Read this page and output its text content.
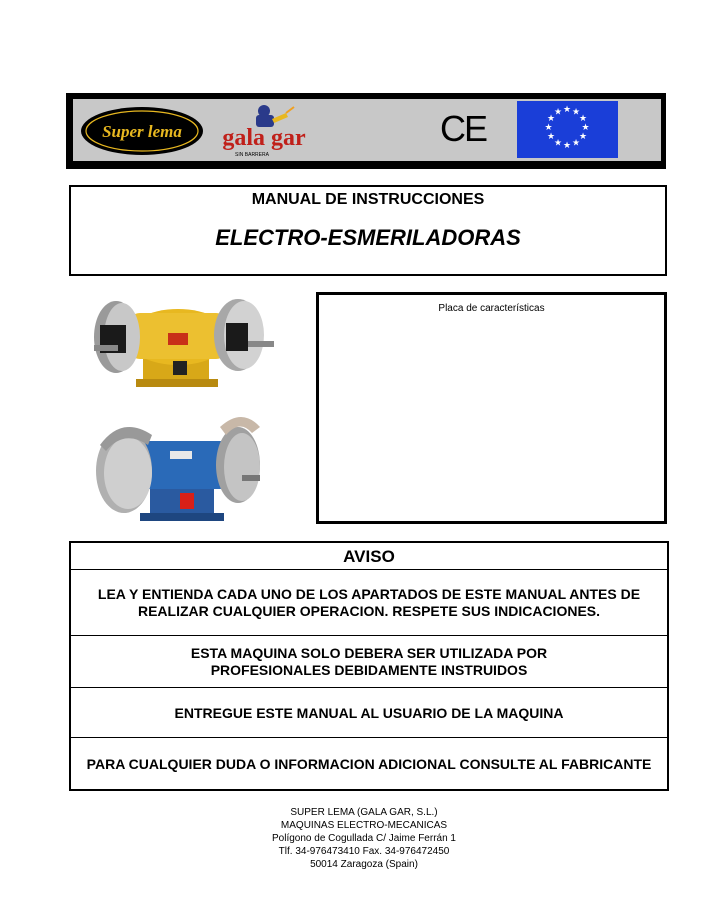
Super lema gala gar
SIN BARRERA
CE	★ ★
★
★
★
★
★
★
★
★
★
★
MANUAL DE INSTRUCCIONES
ELECTRO-ESMERILADORAS
Placa de características
AVISO
LEA Y ENTIENDA CADA UNO DE LOS APARTADOS DE ESTE MANUAL ANTES DE REALIZAR CUALQUIER OPERACION. RESPETE SUS INDICACIONES.
ESTA MAQUINA SOLO DEBERA SER UTILIZADA POR PROFESIONALES DEBIDAMENTE INSTRUIDOS
ENTREGUE ESTE MANUAL AL USUARIO DE LA MAQUINA
PARA CUALQUIER DUDA O INFORMACION ADICIONAL CONSULTE AL FABRICANTE
SUPER LEMA (GALA GAR, S.L.)
MAQUINAS ELECTRO-MECANICAS
Polígono de Cogullada C/ Jaime Ferrán 1
Tlf. 34-976473410 Fax. 34-976472450
50014 Zaragoza (Spain)
